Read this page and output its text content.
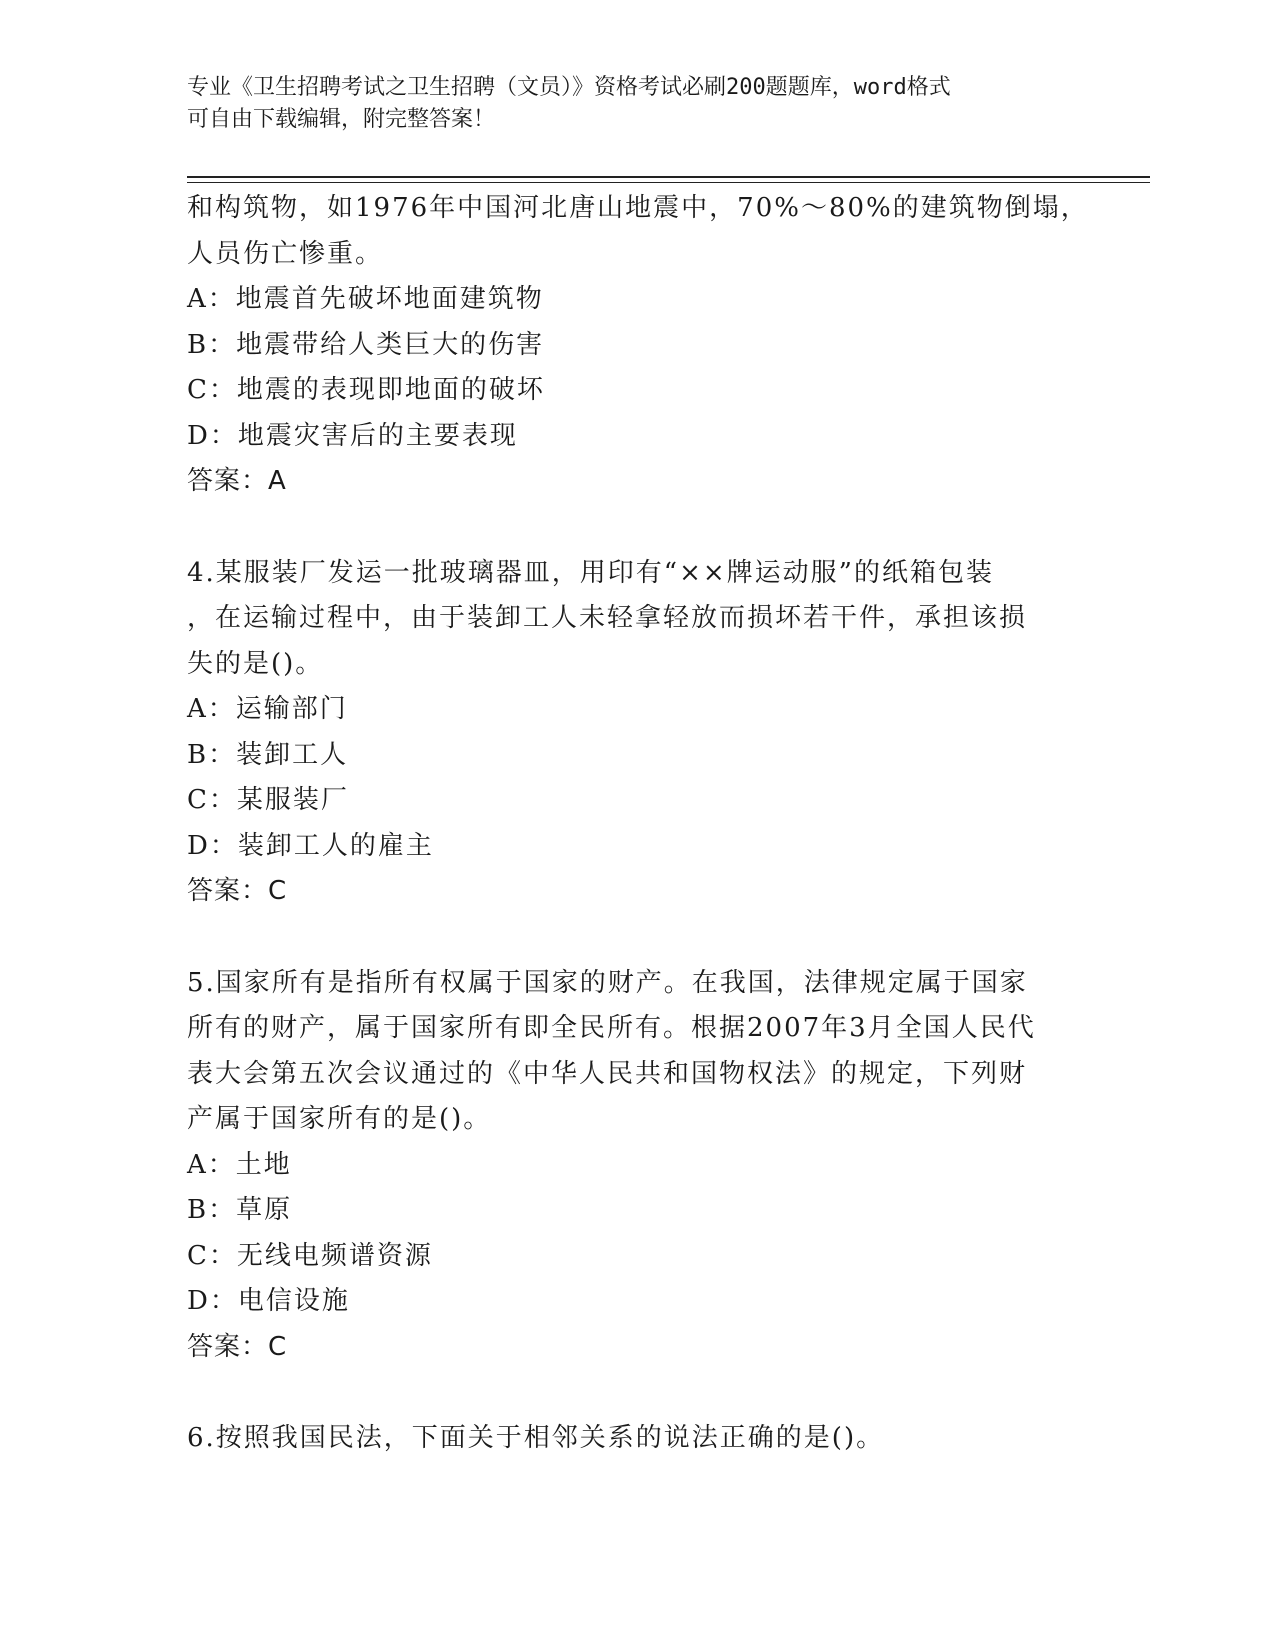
专业《卫生招聘考试之卫生招聘（文员）》资格考试必刷200题题库，word格式
可自由下载编辑，附完整答案！
和构筑物，如1976年中国河北唐山地震中，70%～80%的建筑物倒塌，
人员伤亡惨重。
A：地震首先破坏地面建筑物
B：地震带给人类巨大的伤害
C：地震的表现即地面的破坏
D：地震灾害后的主要表现
答案：A
4.某服装厂发运一批玻璃器皿，用印有“××牌运动服”的纸箱包装
，在运输过程中，由于装卸工人未轻拿轻放而损坏若干件，承担该损
失的是()。
A：运输部门
B：装卸工人
C：某服装厂
D：装卸工人的雇主
答案：C
5.国家所有是指所有权属于国家的财产。在我国，法律规定属于国家
所有的财产，属于国家所有即全民所有。根据2007年3月全国人民代
表大会第五次会议通过的《中华人民共和国物权法》的规定，下列财
产属于国家所有的是()。
A：土地
B：草原
C：无线电频谱资源
D：电信设施
答案：C
6.按照我国民法，下面关于相邻关系的说法正确的是()。
